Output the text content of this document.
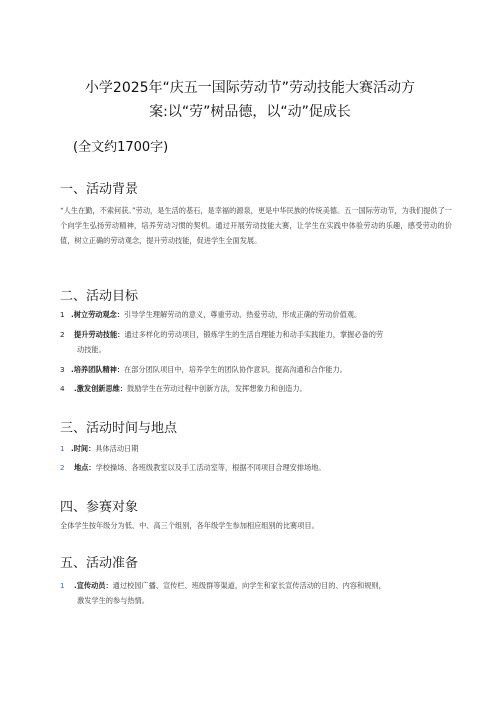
小学2025年“庆五一国际劳动节”劳动技能大赛活动方
案:以“劳”树品德，以“动”促成长
(全文约1700字)
一、活动背景
“人生在勤，不索何获。”劳动，是生活的基石，是幸福的源泉，更是中华民族的传统美德。五一国际劳动节，为我们提供了一个向学生弘扬劳动精神，培养劳动习惯的契机。通过开展劳动技能大赛，让学生在实践中体验劳动的乐趣，感受劳动的价值，树立正确的劳动观念，提升劳动技能，促进学生全面发展。
二、活动目标
1 .树立劳动观念：引导学生理解劳动的意义，尊重劳动、热爱劳动，形成正确的劳动价值观。
2 提升劳动技能：通过多样化的劳动项目，锻炼学生的生活自理能力和动手实践能力，掌握必备的劳
动技能。
3 .培养团队精神：在部分团队项目中，培养学生的团队协作意识，提高沟通和合作能力。
4 .激发创新思维：鼓励学生在劳动过程中创新方法，发挥想象力和创造力。
三、活动时间与地点
1 .时间：具体活动日期
2 地点：学校操场、各班级教室以及手工活动室等，根据不同项目合理安排场地。
四、参赛对象
全体学生按年级分为低、中、高三个组别，各年级学生参加相应组别的比赛项目。
五、活动准备
1 .宣传动员：通过校园广播、宣传栏、班级群等渠道，向学生和家长宣传活动的目的、内容和规则，
激发学生的参与热情。
